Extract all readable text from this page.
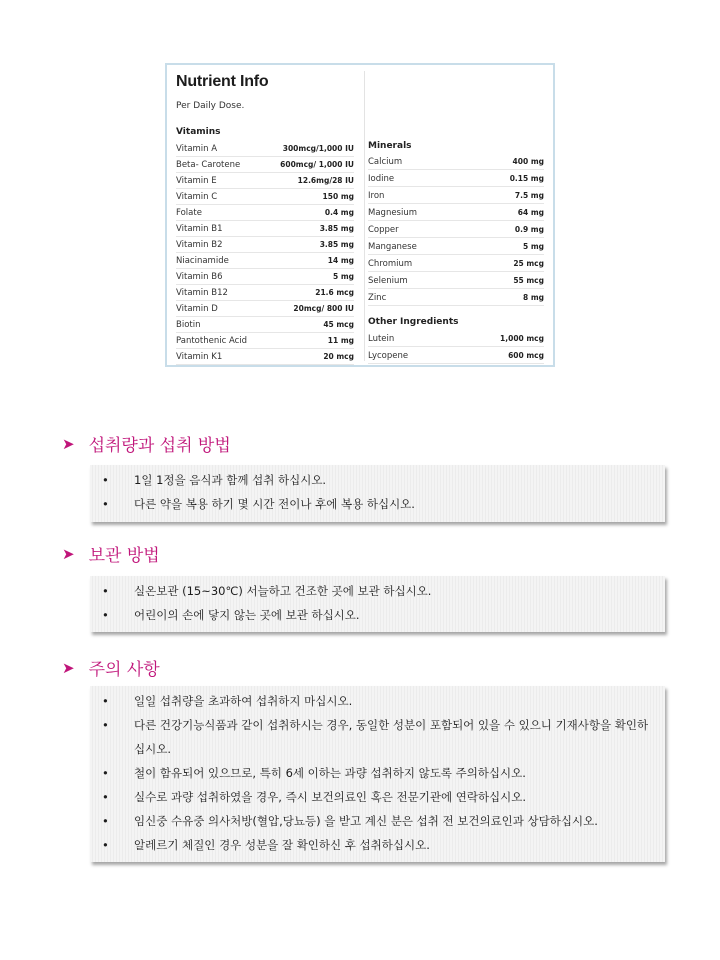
Nutrient Info
Per Daily Dose.
Vitamins
Vitamin A	300mcg/1,000 IU
Beta- Carotene	600mcg/ 1,000 IU
Vitamin E	12.6mg/28 IU
Vitamin C	150 mg
Folate	0.4 mg
Vitamin B1	3.85 mg
Vitamin B2	3.85 mg
Niacinamide	14 mg
Vitamin B6	5 mg
Vitamin B12	21.6 mcg
Vitamin D	20mcg/ 800 IU
Biotin	45 mcg
Pantothenic Acid	11 mg
Vitamin K1	20 mcg
Minerals
Calcium	400 mg
Iodine	0.15 mg
Iron	7.5 mg
Magnesium	64 mg
Copper	0.9 mg
Manganese	5 mg
Chromium	25 mcg
Selenium	55 mcg
Zinc	8 mg
Other Ingredients
Lutein	1,000 mcg
Lycopene	600 mcg
➤ 섭취량과 섭취 방법
•	1일 1정을 음식과 함께 섭취 하십시오.
•	다른 약을 복용 하기 몇 시간 전이나 후에 복용 하십시오.
➤ 보관 방법
•	실온보관 (15~30℃) 서늘하고 건조한 곳에 보관 하십시오.
•	어린이의 손에 닿지 않는 곳에 보관 하십시오.
➤ 주의 사항
•	일일 섭취량을 초과하여 섭취하지 마십시오.
•	다른 건강기능식품과 같이 섭취하시는 경우, 동일한 성분이 포함되어 있을 수 있으니 기재사항을 확인하십시오.
•	철이 함유되어 있으므로, 특히 6세 이하는 과량 섭취하지 않도록 주의하십시오.
•	실수로 과량 섭취하였을 경우, 즉시 보건의료인 혹은 전문기관에 연락하십시오.
•	임신중 수유중 의사처방(혈압,당뇨등) 을 받고 계신 분은 섭취 전 보건의료인과 상담하십시오.
•	알레르기 체질인 경우 성분을 잘 확인하신 후 섭취하십시오.
